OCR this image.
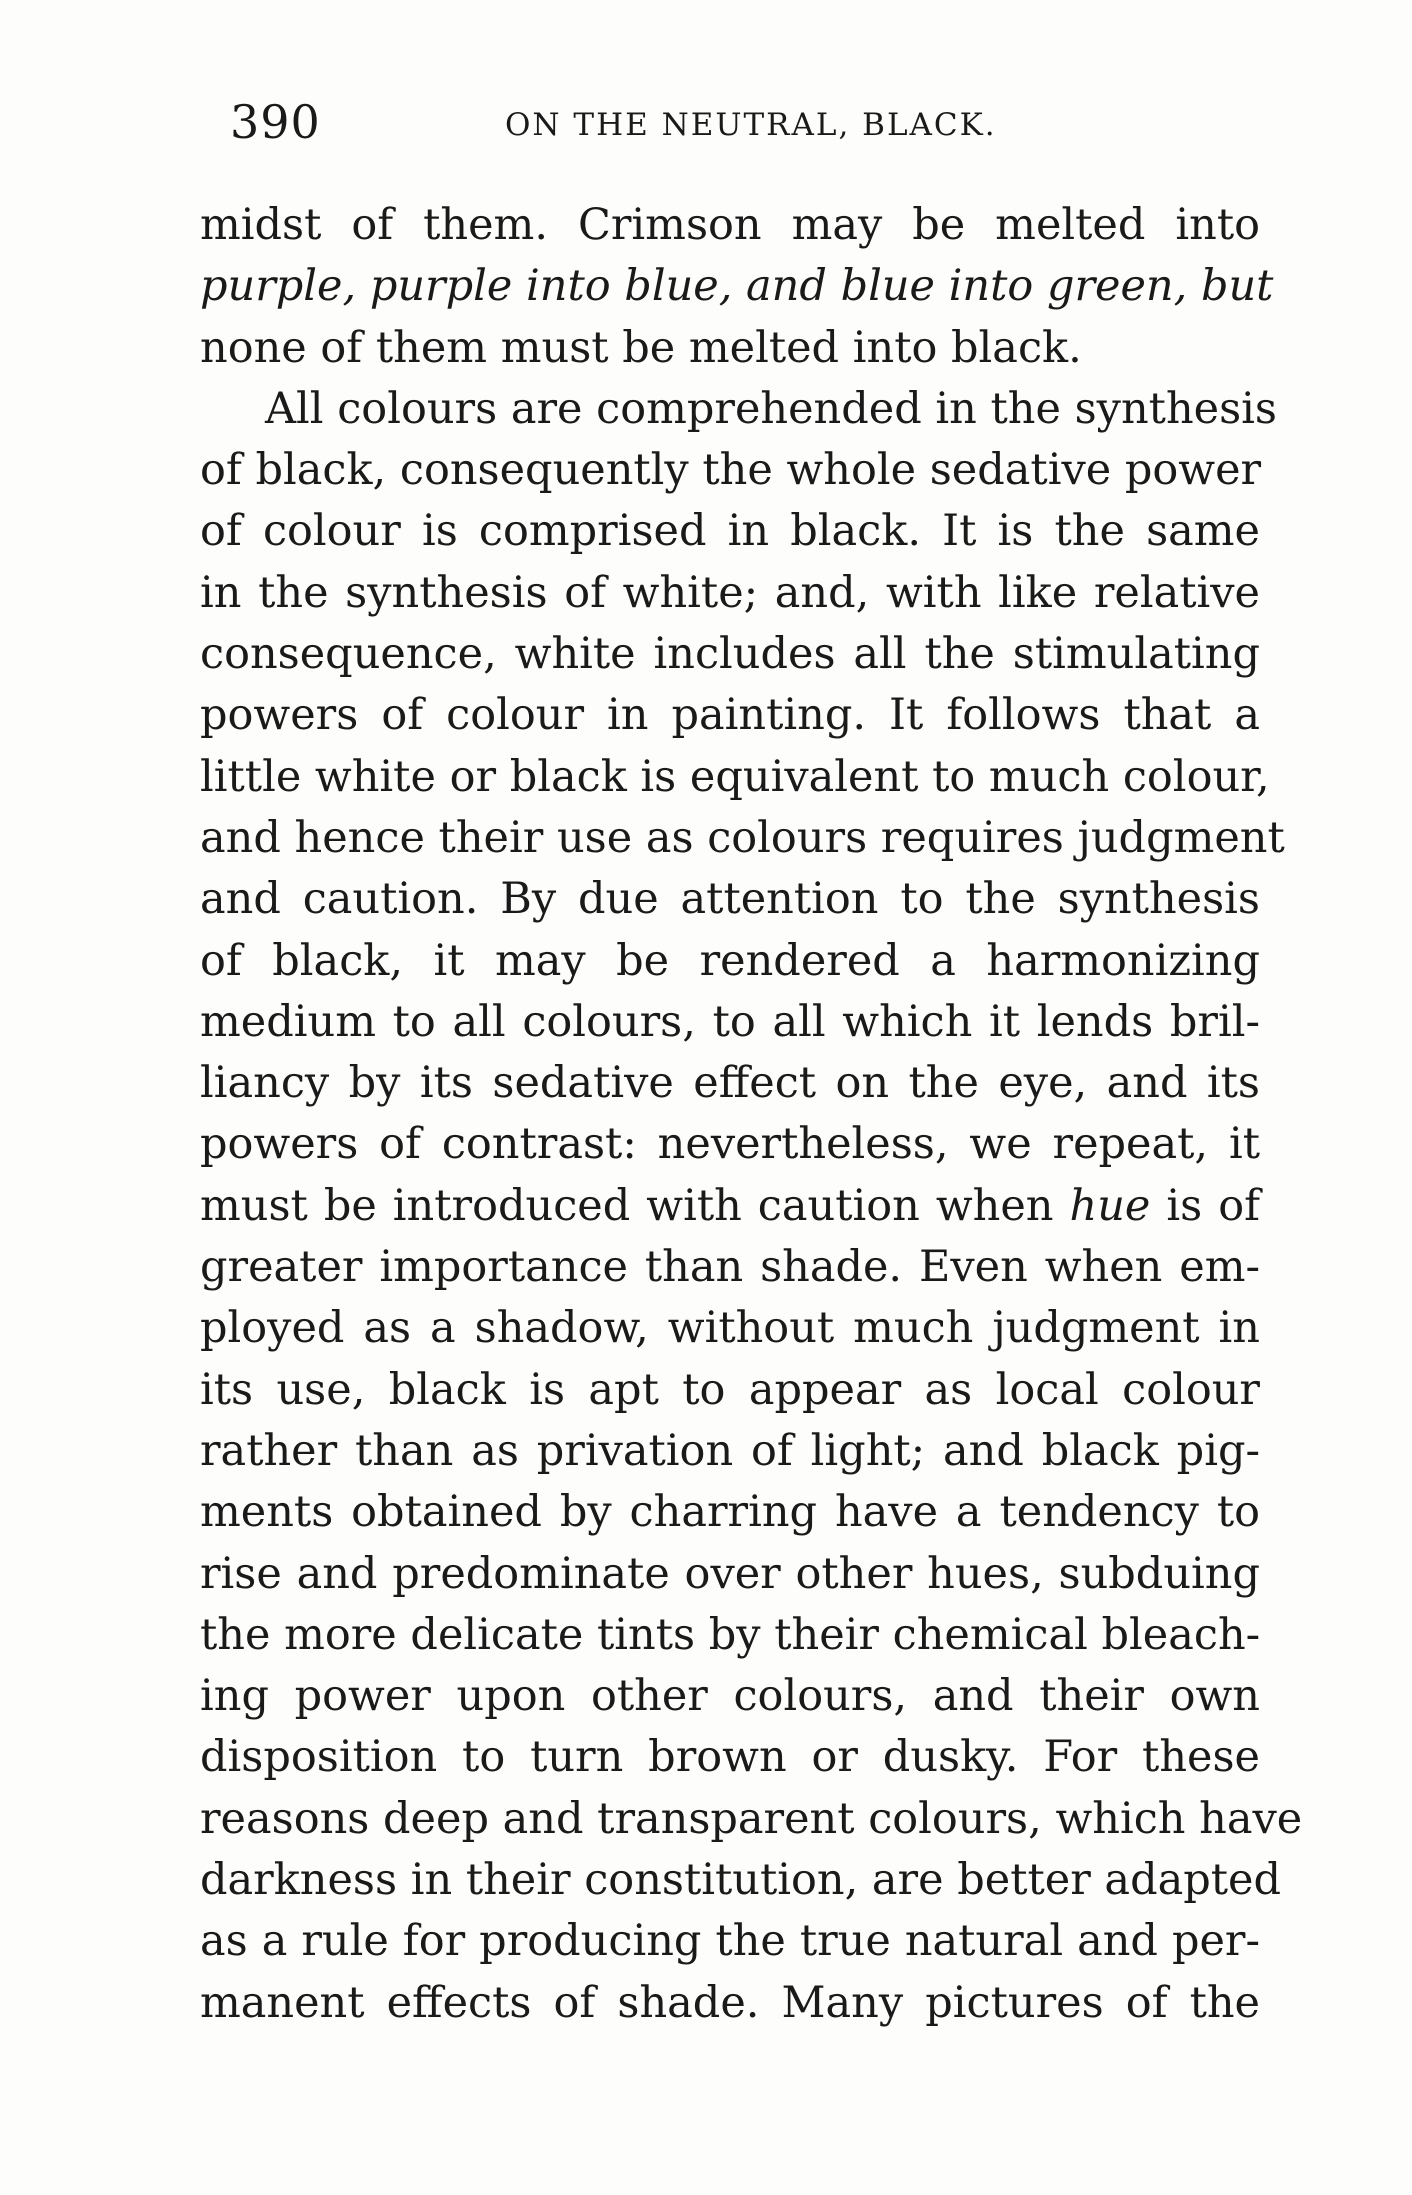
390	ON THE NEUTRAL, BLACK.
midst of them. Crimson may be melted into
purple, purple into blue, and blue into green, but
none of them must be melted into black.
All colours are comprehended in the synthesis
of black, consequently the whole sedative power
of colour is comprised in black. It is the same
in the synthesis of white; and, with like relative
consequence, white includes all the stimulating
powers of colour in painting. It follows that a
little white or black is equivalent to much colour,
and hence their use as colours requires judgment
and caution. By due attention to the synthesis
of black, it may be rendered a harmonizing
medium to all colours, to all which it lends bril-
liancy by its sedative effect on the eye, and its
powers of contrast: nevertheless, we repeat, it
must be introduced with caution when hue is of
greater importance than shade. Even when em-
ployed as a shadow, without much judgment in
its use, black is apt to appear as local colour
rather than as privation of light; and black pig-
ments obtained by charring have a tendency to
rise and predominate over other hues, subduing
the more delicate tints by their chemical bleach-
ing power upon other colours, and their own
disposition to turn brown or dusky. For these
reasons deep and transparent colours, which have
darkness in their constitution, are better adapted
as a rule for producing the true natural and per-
manent effects of shade. Many pictures of the
